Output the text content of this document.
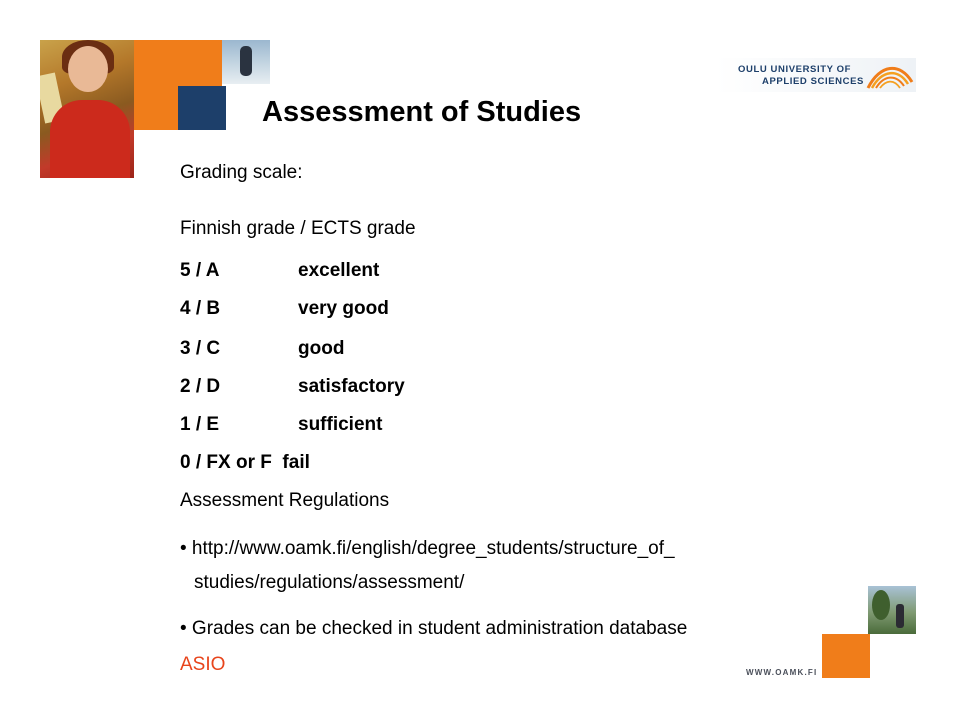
OULU UNIVERSITY OF
APPLIED SCIENCES
Assessment of Studies
Grading scale:
Finnish grade / ECTS grade
5 / A	excellent
4 / B	very good
3 / C	good
2 / D	satisfactory
1 / E	sufficient
0 / FX or F fail
Assessment Regulations
• http://www.oamk.fi/english/degree_students/structure_of_
studies/regulations/assessment/
• Grades can be checked in student administration database
ASIO	WWW.OAMK.FI
